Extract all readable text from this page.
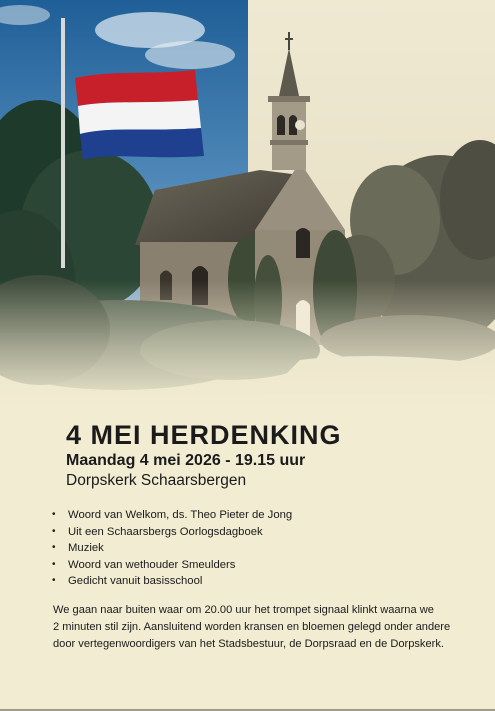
4 MEI HERDENKING
Maandag 4 mei 2026 - 19.15 uur
Dorpskerk Schaarsbergen
• Woord van Welkom, ds. Theo Pieter de Jong
• Uit een Schaarsbergs Oorlogsdagboek
• Muziek
• Woord van wethouder Smeulders
• Gedicht vanuit basisschool
We gaan naar buiten waar om 20.00 uur het trompet signaal klinkt waarna we
2 minuten stil zijn. Aansluitend worden kransen en bloemen gelegd onder andere
door vertegenwoordigers van het Stadsbestuur, de Dorpsraad en de Dorpskerk.
